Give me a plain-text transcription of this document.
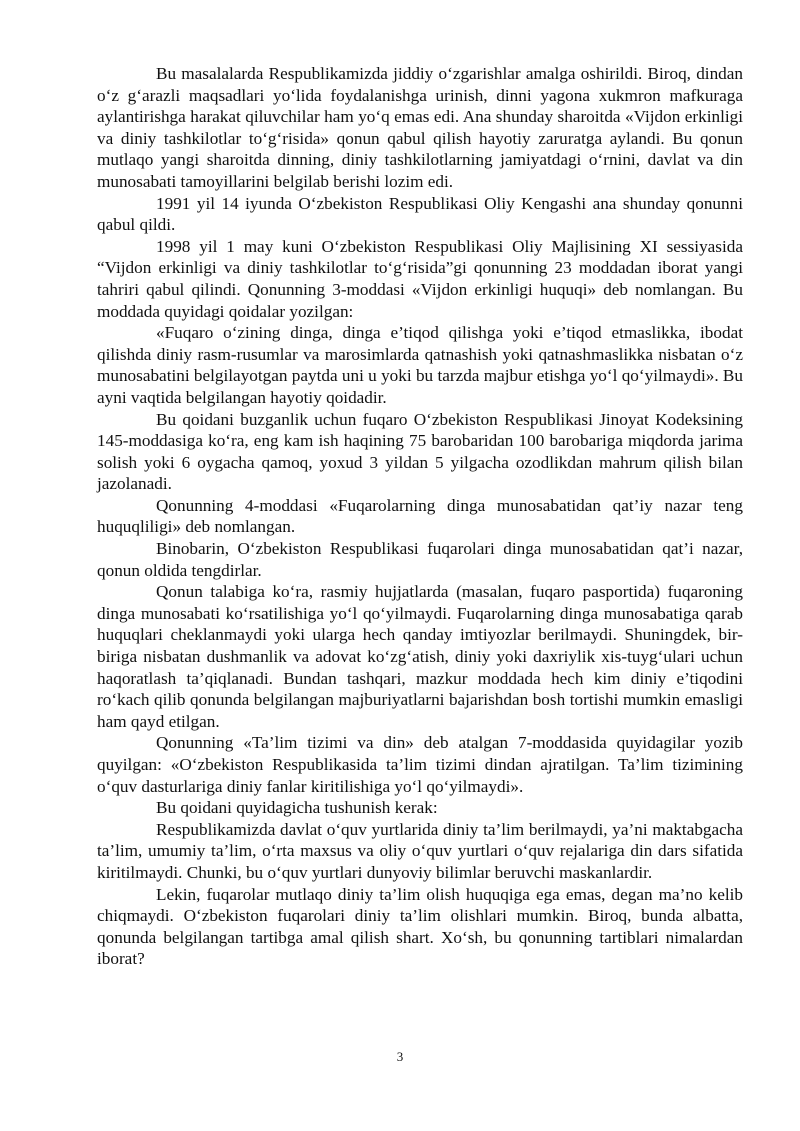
Bu masalalarda Respublikamizda jiddiy o‘zgarishlar amalga oshirildi. Biroq, dindan o‘z g‘arazli maqsadlari yo‘lida foydalanishga urinish, dinni yagona xukmron mafkuraga aylantirishga harakat qiluvchilar ham yo‘q emas edi. Ana shunday sharoitda «Vijdon erkinligi va diniy tashkilotlar to‘g‘risida» qonun qabul qilish hayotiy zaruratga aylandi. Bu qonun mutlaqo yangi sharoitda dinning, diniy tashkilotlarning jamiyatdagi o‘rnini, davlat va din munosabati tamoyillarini belgilab berishi lozim edi.

1991 yil 14 iyunda O‘zbekiston Respublikasi Oliy Kengashi ana shunday qonunni qabul qildi.

1998 yil 1 may kuni O‘zbekiston Respublikasi Oliy Majlisining XI sessiyasida “Vijdon erkinligi va diniy tashkilotlar to‘g‘risida”gi qonunning 23 moddadan iborat yangi tahriri qabul qilindi. Qonunning 3-moddasi «Vijdon erkinligi huquqi» deb nomlangan. Bu moddada quyidagi qoidalar yozilgan:

«Fuqaro o‘zining dinga, dinga e’tiqod qilishga yoki e’tiqod etmaslikka, ibodat qilishda diniy rasm-rusumlar va marosimlarda qatnashish yoki qatnashmaslikka nisbatan o‘z munosabatini belgilayotgan paytda uni u yoki bu tarzda majbur etishga yo‘l qo‘yilmaydi». Bu ayni vaqtida belgilangan hayotiy qoidadir.

Bu qoidani buzganlik uchun fuqaro O‘zbekiston Respublikasi Jinoyat Kodeksining 145-moddasiga ko‘ra, eng kam ish haqining 75 barobaridan 100 barobariga miqdorda jarima solish yoki 6 oygacha qamoq, yoxud 3 yildan 5 yilgacha ozodlikdan mahrum qilish bilan jazolanadi.

Qonunning 4-moddasi «Fuqarolarning dinga munosabatidan qat’iy nazar teng huquqliligi» deb nomlangan.

Binobarin, O‘zbekiston Respublikasi fuqarolari dinga munosabatidan qat’i nazar, qonun oldida tengdirlar.

Qonun talabiga ko‘ra, rasmiy hujjatlarda (masalan, fuqaro pasportida) fuqaroning dinga munosabati ko‘rsatilishiga yo‘l qo‘yilmaydi. Fuqarolarning dinga munosabatiga qarab huquqlari cheklanmaydi yoki ularga hech qanday imtiyozlar berilmaydi. Shuningdek, bir-biriga nisbatan dushmanlik va adovat ko‘zg‘atish, diniy yoki daxriylik xis-tuyg‘ulari uchun haqoratlash ta’qiqlanadi. Bundan tashqari, mazkur moddada hech kim diniy e’tiqodini ro‘kach qilib qonunda belgilangan majburiyatlarni bajarishdan bosh tortishi mumkin emasligi ham qayd etilgan.

Qonunning «Ta’lim tizimi va din» deb atalgan 7-moddasida quyidagilar yozib quyilgan: «O‘zbekiston Respublikasida ta’lim tizimi dindan ajratilgan. Ta’lim tizimining o‘quv dasturlariga diniy fanlar kiritilishiga yo‘l qo‘yilmaydi».

Bu qoidani quyidagicha tushunish kerak:

Respublikamizda davlat o‘quv yurtlarida diniy ta’lim berilmaydi, ya’ni maktabgacha ta’lim, umumiy ta’lim, o‘rta maxsus va oliy o‘quv yurtlari o‘quv rejalariga din dars sifatida kiritilmaydi. Chunki, bu o‘quv yurtlari dunyoviy bilimlar beruvchi maskanlardir.

Lekin, fuqarolar mutlaqo diniy ta’lim olish huquqiga ega emas, degan ma’no kelib chiqmaydi. O‘zbekiston fuqarolari diniy ta’lim olishlari mumkin. Biroq, bunda albatta, qonunda belgilangan tartibga amal qilish shart. Xo‘sh, bu qonunning tartiblari nimalardan iborat?

3
